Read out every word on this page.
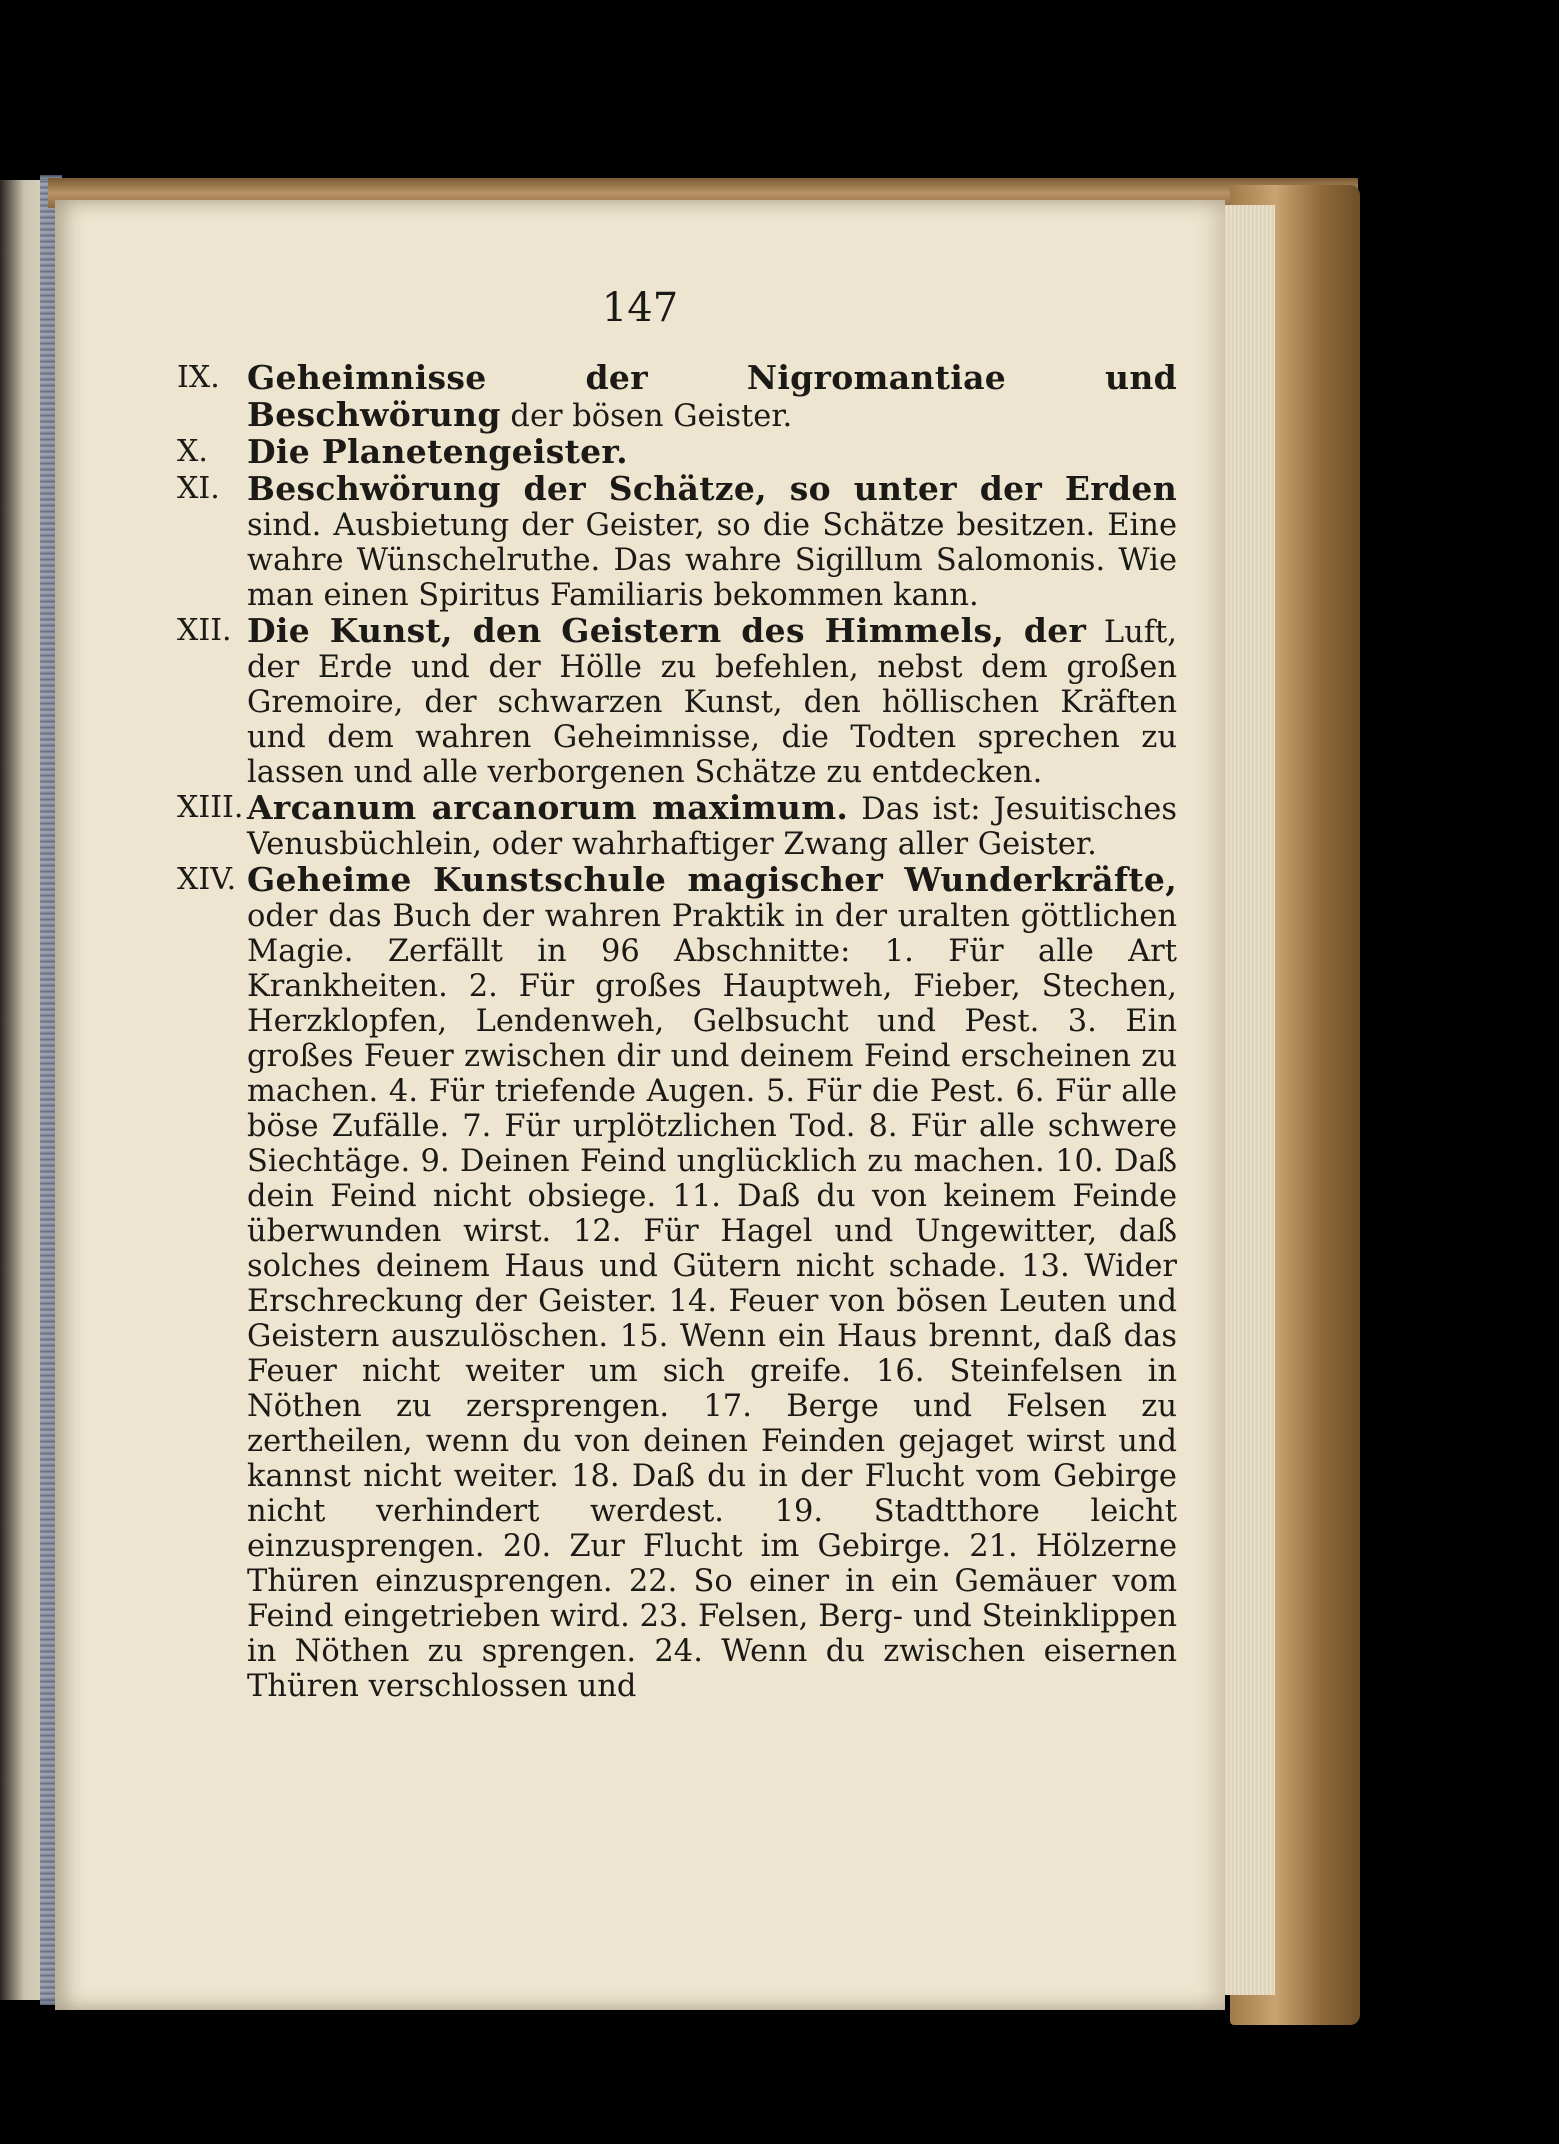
147
IX. Geheimnisse der Nigromantiae und Beschwörung der bösen Geister.

X.	Die Planetengeister.

XI. Beschwörung der Schätze, so unter der Erden sind. Ausbietung der Geister, so die Schätze besitzen. Eine wahre Wünschelruthe. Das wahre Sigillum Salomonis. Wie man einen Spiritus Familiaris bekommen kann.

XII. Die Kunst, den Geistern des Himmels, der Luft, der Erde und der Hölle zu befehlen, nebst dem großen Gremoire, der schwarzen Kunst, den höllischen Kräften und dem wahren Geheimnisse, die Todten sprechen zu lassen und alle verborgenen Schätze zu entdecken.

XIII. Arcanum arcanorum maximum. Das ist: Jesuitisches Venusbüchlein, oder wahrhaftiger Zwang aller Geister.

XIV. Geheime Kunstschule magischer Wunderkräfte, oder das Buch der wahren Praktik in der uralten göttlichen Magie. Zerfällt in 96 Abschnitte: 1. Für alle Art Krankheiten. 2. Für großes Hauptweh, Fieber, Stechen, Herzklopfen, Lendenweh, Gelbsucht und Pest. 3. Ein großes Feuer zwischen dir und deinem Feind erscheinen zu machen. 4. Für triefende Augen. 5. Für die Pest. 6. Für alle böse Zufälle. 7. Für urplötzlichen Tod. 8. Für alle schwere Siechtäge. 9. Deinen Feind unglücklich zu machen. 10. Daß dein Feind nicht obsiege. 11. Daß du von keinem Feinde überwunden wirst. 12. Für Hagel und Ungewitter, daß solches deinem Haus und Gütern nicht schade. 13. Wider Erschreckung der Geister. 14. Feuer von bösen Leuten und Geistern auszulöschen. 15. Wenn ein Haus brennt, daß das Feuer nicht weiter um sich greife. 16. Steinfelsen in Nöthen zu zersprengen. 17. Berge und Felsen zu zertheilen, wenn du von deinen Feinden gejaget wirst und kannst nicht weiter. 18. Daß du in der Flucht vom Gebirge nicht verhindert werdest. 19. Stadtthore leicht einzusprengen. 20. Zur Flucht im Gebirge. 21. Hölzerne Thüren einzusprengen. 22. So einer in ein Gemäuer vom Feind eingetrieben wird. 23. Felsen, Berg- und Steinklippen in Nöthen zu sprengen. 24. Wenn du zwischen eisernen Thüren verschlossen und
